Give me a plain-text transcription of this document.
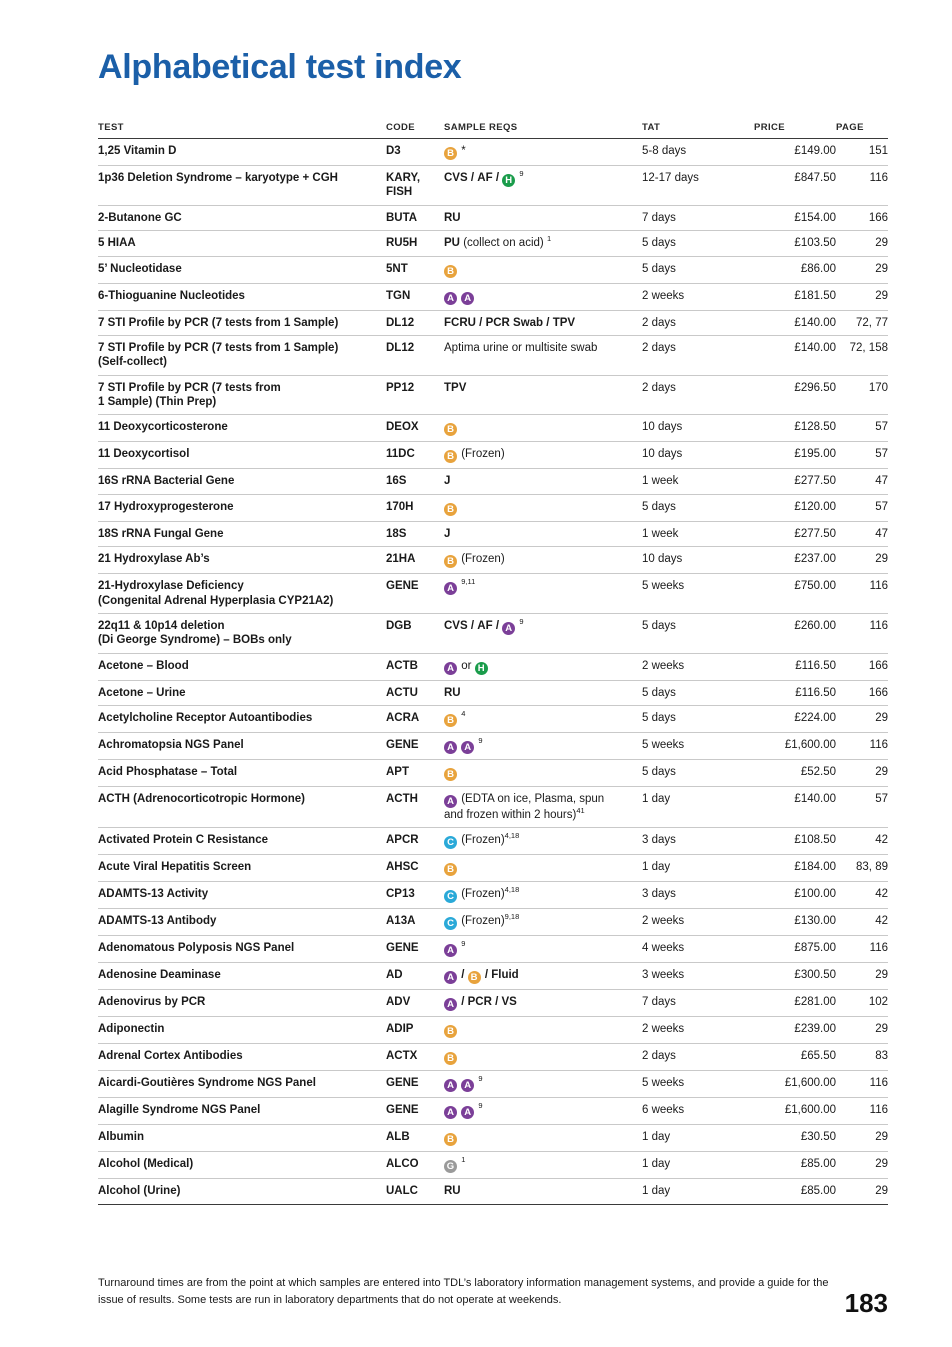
Alphabetical test index
TEST	CODE	SAMPLE REQS	TAT	PRICE	PAGE
1,25 Vitamin D	D3	B *	5-8 days	£149.00	151
1p36 Deletion Syndrome – karyotype + CGH	KARY,
FISH	CVS / AF / H $^9$	12-17 days	£847.50	116
2-Butanone GC	BUTA	RU	7 days	£154.00	166
5 HIAA	RU5H	PU (collect on acid) $^1$	5 days	£103.50	29
5’ Nucleotidase	5NT	B	5 days	£86.00	29
6-Thioguanine Nucleotides	TGN	A A	2 weeks	£181.50	29
7 STI Profile by PCR (7 tests from 1 Sample)	DL12	FCRU / PCR Swab / TPV	2 days	£140.00	72, 77
7 STI Profile by PCR (7 tests from 1 Sample)
(Self-collect)	DL12	Aptima urine or multisite swab	2 days	£140.00	72, 158
7 STI Profile by PCR (7 tests from
1 Sample) (Thin Prep)	PP12	TPV	2 days	£296.50	170
11 Deoxycorticosterone	DEOX	B	10 days	£128.50	57
11 Deoxycortisol	11DC	B (Frozen)	10 days	£195.00	57
16S rRNA Bacterial Gene	16S	J	1 week	£277.50	47
17 Hydroxyprogesterone	170H	B	5 days	£120.00	57
18S rRNA Fungal Gene	18S	J	1 week	£277.50	47
21 Hydroxylase Ab’s	21HA	B (Frozen)	10 days	£237.00	29
21-Hydroxylase Deficiency
(Congenital Adrenal Hyperplasia CYP21A2)	GENE	A $^{9,11}$	5 weeks	£750.00	116
22q11 & 10p14 deletion
(Di George Syndrome) – BOBs only	DGB	CVS / AF / A $^9$	5 days	£260.00	116
Acetone – Blood	ACTB	A or H	2 weeks	£116.50	166
Acetone – Urine	ACTU	RU	5 days	£116.50	166
Acetylcholine Receptor Autoantibodies	ACRA	B $^4$	5 days	£224.00	29
Achromatopsia NGS Panel	GENE	A A $^9$	5 weeks	£1,600.00	116
Acid Phosphatase – Total	APT	B	5 days	£52.50	29
ACTH (Adrenocorticotropic Hormone)	ACTH	A (EDTA on ice, Plasma, spun
and frozen within 2 hours)$^{41}$	1 day	£140.00	57
Activated Protein C Resistance	APCR	C (Frozen)$^{4,18}$	3 days	£108.50	42
Acute Viral Hepatitis Screen	AHSC	B	1 day	£184.00	83, 89
ADAMTS-13 Activity	CP13	C (Frozen)$^{4,18}$	3 days	£100.00	42
ADAMTS-13 Antibody	A13A	C (Frozen)$^{9,18}$	2 weeks	£130.00	42
Adenomatous Polyposis NGS Panel	GENE	A $^9$	4 weeks	£875.00	116
Adenosine Deaminase	AD	A / B / Fluid	3 weeks	£300.50	29
Adenovirus by PCR	ADV	A / PCR / VS	7 days	£281.00	102
Adiponectin	ADIP	B	2 weeks	£239.00	29
Adrenal Cortex Antibodies	ACTX	B	2 days	£65.50	83
Aicardi-Goutières Syndrome NGS Panel	GENE	A A $^9$	5 weeks	£1,600.00	116
Alagille Syndrome NGS Panel	GENE	A A $^9$	6 weeks	£1,600.00	116
Albumin	ALB	B	1 day	£30.50	29
Alcohol (Medical)	ALCO	G $^1$	1 day	£85.00	29
Alcohol (Urine)	UALC	RU	1 day	£85.00	29
Turnaround times are from the point at which samples are entered into TDL’s laboratory information management systems, and provide a guide for the issue of results. Some tests are run in laboratory departments that do not operate at weekends.	183
